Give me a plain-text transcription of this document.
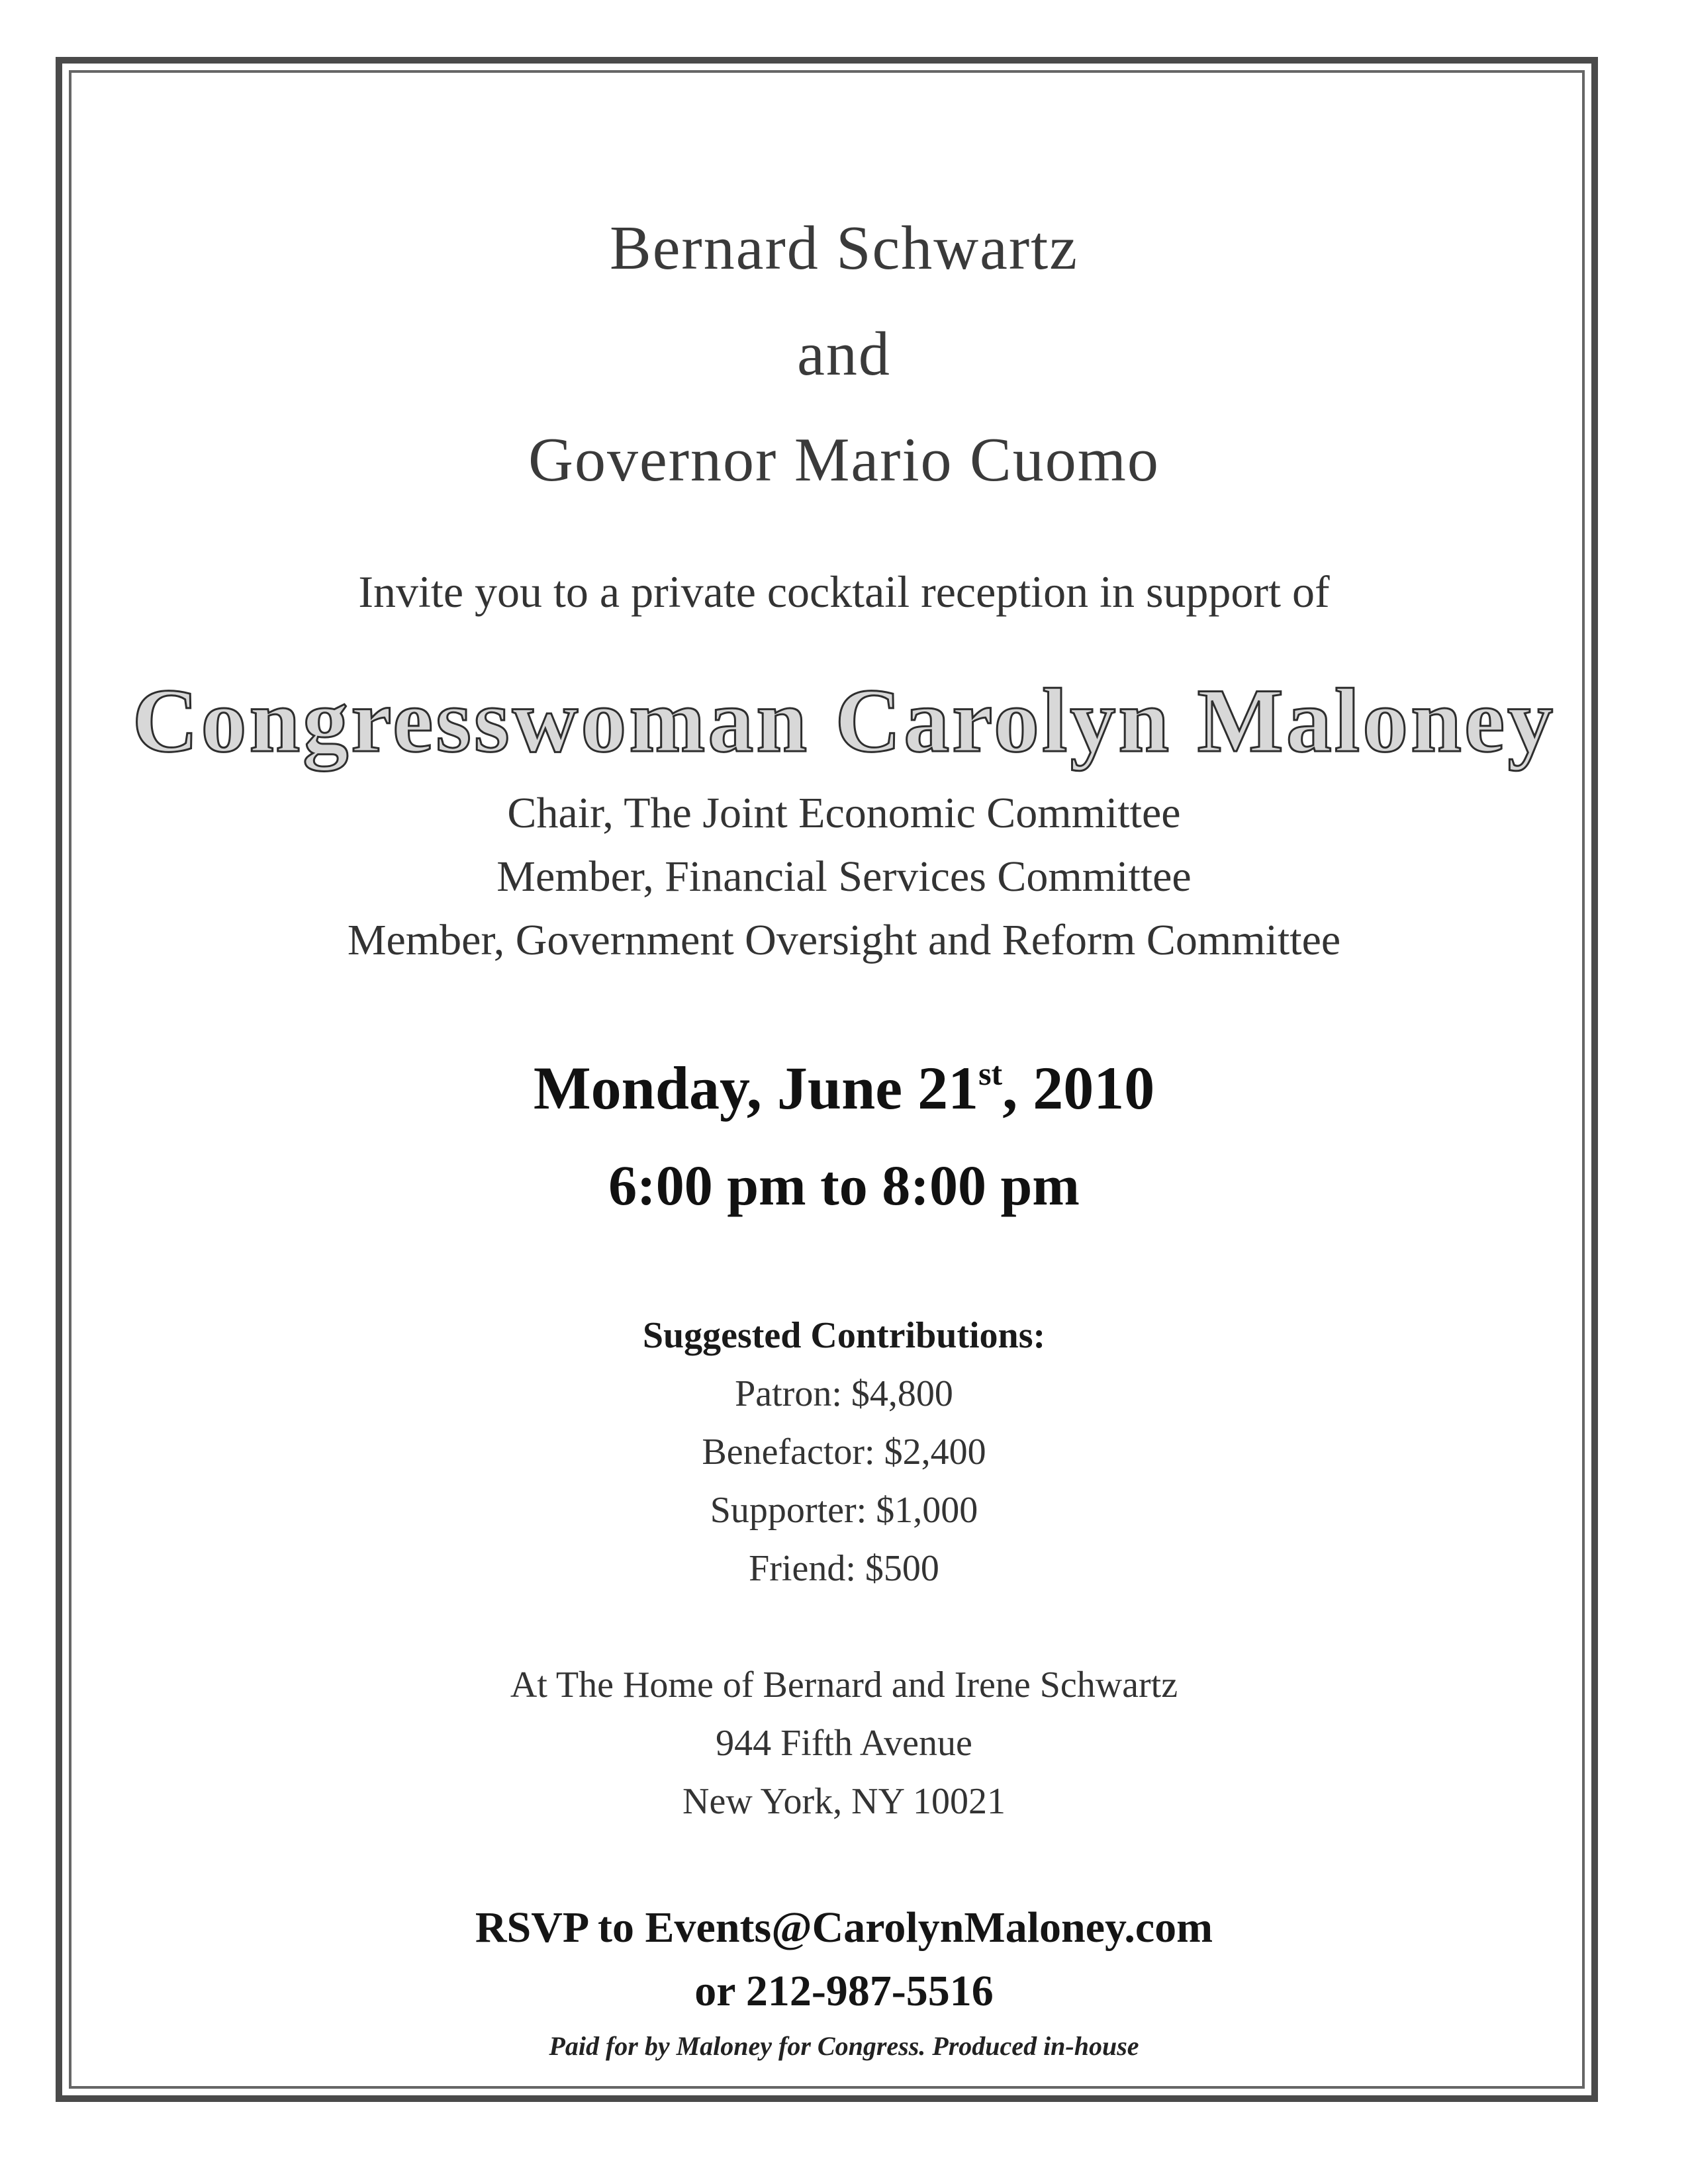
Bernard Schwartz
and
Governor Mario Cuomo
Invite you to a private cocktail reception in support of
Congresswoman Carolyn Maloney
Chair, The Joint Economic Committee
Member, Financial Services Committee
Member, Government Oversight and Reform Committee
Monday, June 21st, 2010
6:00 pm to 8:00 pm
Suggested Contributions:
Patron: $4,800
Benefactor: $2,400
Supporter: $1,000
Friend: $500
At The Home of Bernard and Irene Schwartz
944 Fifth Avenue
New York, NY 10021
RSVP to Events@CarolynMaloney.com
or 212-987-5516
Paid for by Maloney for Congress. Produced in-house
